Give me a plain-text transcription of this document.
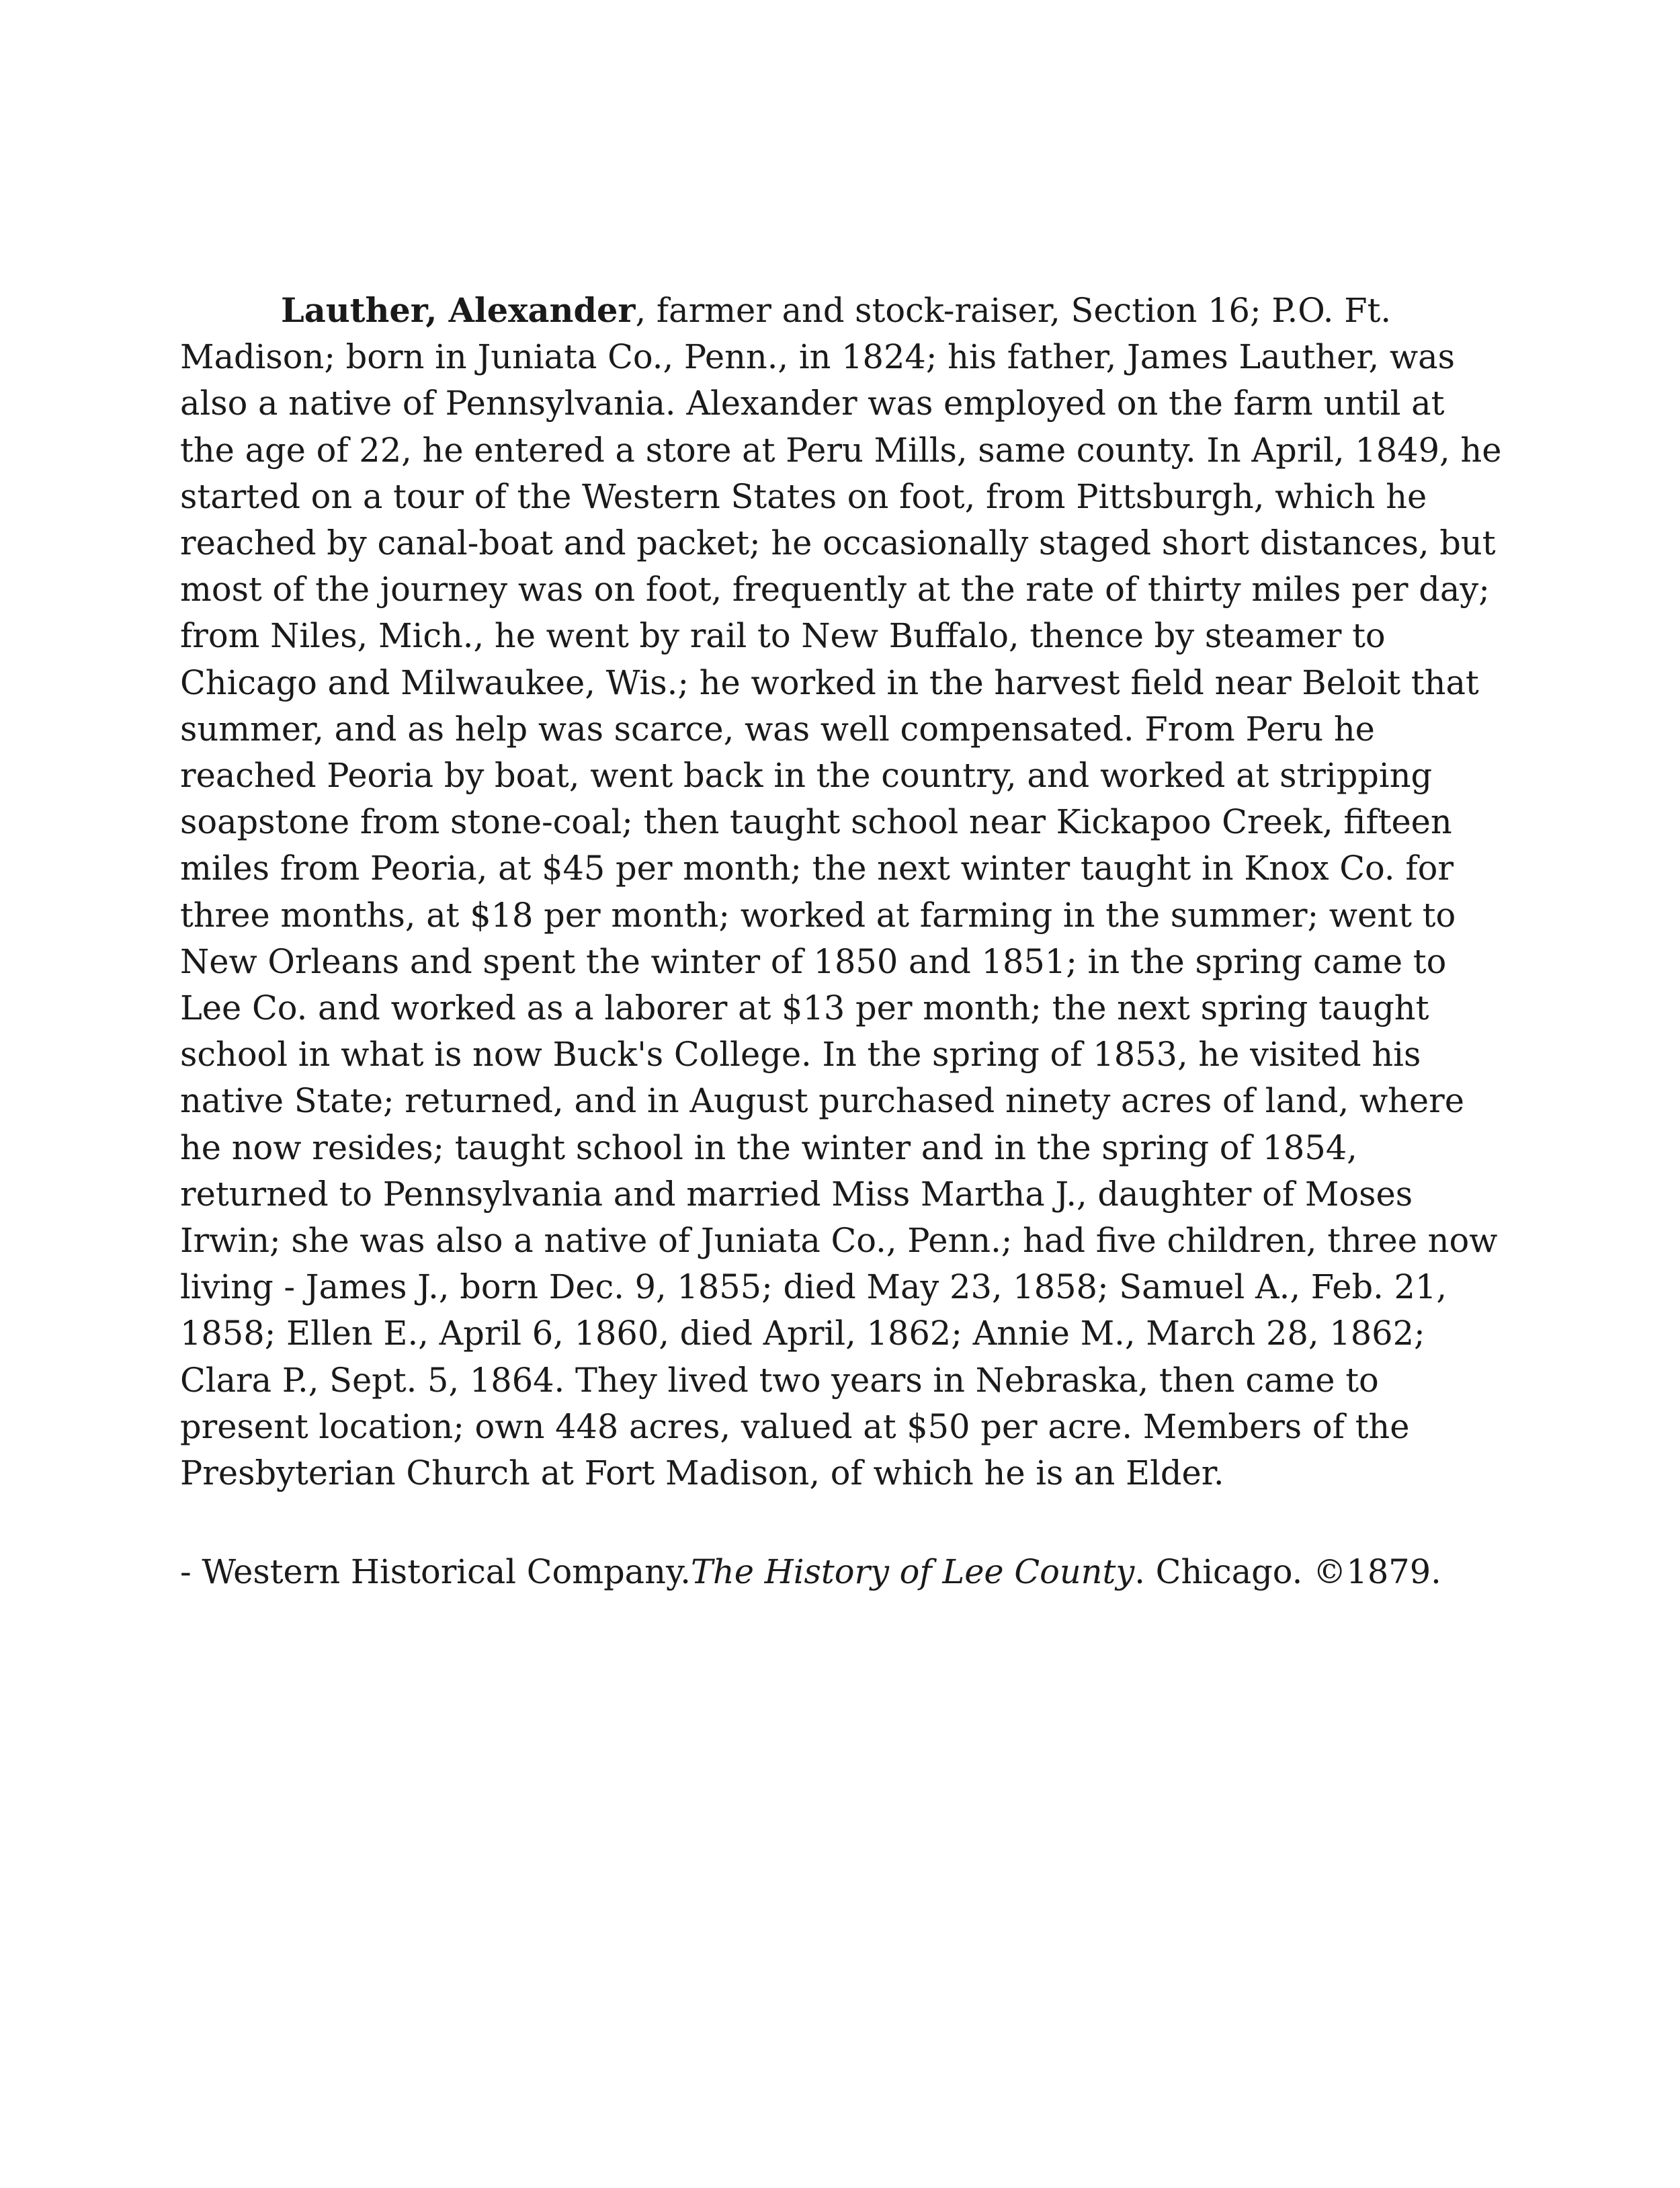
Lauther, Alexander, farmer and stock-raiser, Section 16; P.O. Ft. Madison; born in Juniata Co., Penn., in 1824; his father, James Lauther, was also a native of Pennsylvania. Alexander was employed on the farm until at the age of 22, he entered a store at Peru Mills, same county. In April, 1849, he started on a tour of the Western States on foot, from Pittsburgh, which he reached by canal-boat and packet; he occasionally staged short distances, but most of the journey was on foot, frequently at the rate of thirty miles per day; from Niles, Mich., he went by rail to New Buffalo, thence by steamer to Chicago and Milwaukee, Wis.; he worked in the harvest field near Beloit that summer, and as help was scarce, was well compensated. From Peru he reached Peoria by boat, went back in the country, and worked at stripping soapstone from stone-coal; then taught school near Kickapoo Creek, fifteen miles from Peoria, at $45 per month; the next winter taught in Knox Co. for three months, at $18 per month; worked at farming in the summer; went to New Orleans and spent the winter of 1850 and 1851; in the spring came to Lee Co. and worked as a laborer at $13 per month; the next spring taught school in what is now Buck's College. In the spring of 1853, he visited his native State; returned, and in August purchased ninety acres of land, where he now resides; taught school in the winter and in the spring of 1854, returned to Pennsylvania and married Miss Martha J., daughter of Moses Irwin; she was also a native of Juniata Co., Penn.; had five children, three now living - James J., born Dec. 9, 1855; died May 23, 1858; Samuel A., Feb. 21, 1858; Ellen E., April 6, 1860, died April, 1862; Annie M., March 28, 1862; Clara P., Sept. 5, 1864. They lived two years in Nebraska, then came to present location; own 448 acres, valued at $50 per acre. Members of the Presbyterian Church at Fort Madison, of which he is an Elder.

- Western Historical Company.The History of Lee County. Chicago. ©1879.
